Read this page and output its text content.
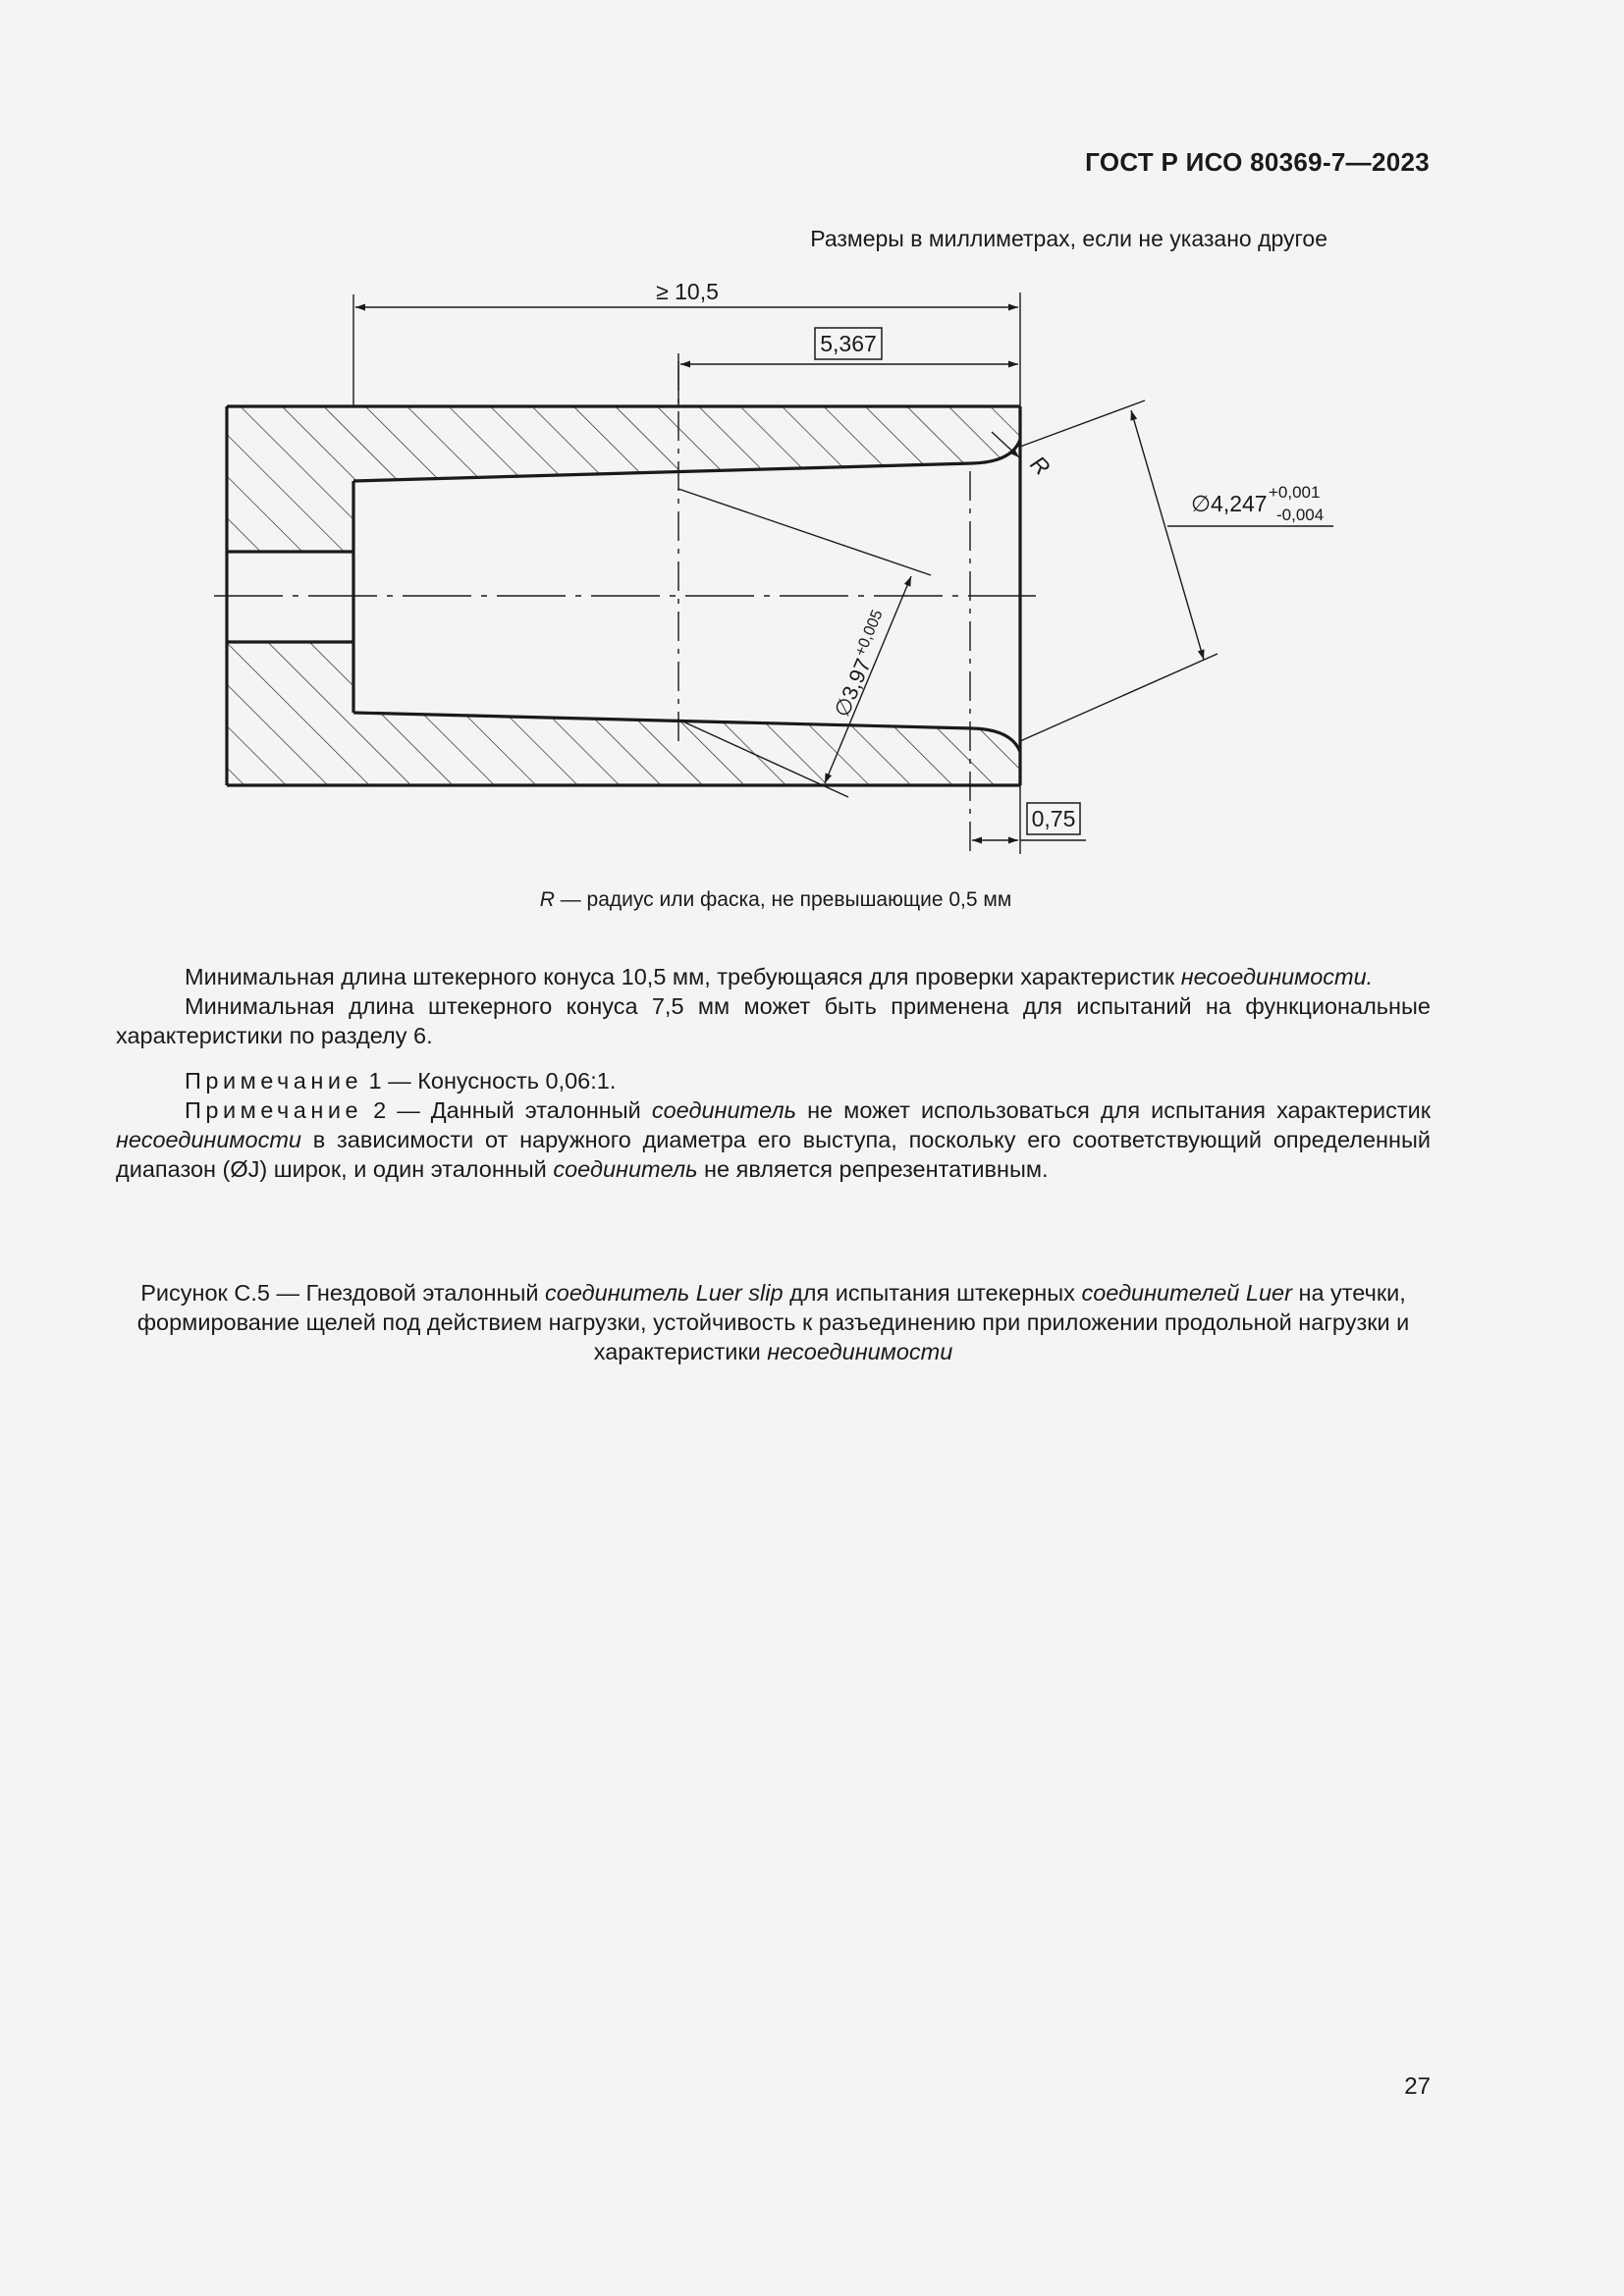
ГОСТ Р ИСО 80369-7—2023
Размеры в миллиметрах, если не указано другое
≥ 10,5
5,367
0,75
∅4,247 +0,001
-0,004
∅3,97
+0,005
R
R — радиус или фаска, не превышающие 0,5 мм

Минимальная длина штекерного конуса 10,5 мм, требующаяся для проверки характеристик несоединимости.

Минимальная длина штекерного конуса 7,5 мм может быть применена для испытаний на функциональные характеристики по разделу 6.

Примечание 1 — Конусность 0,06:1.

Примечание 2 — Данный эталонный соединитель не может использоваться для испытания характеристик несоединимости в зависимости от наружного диаметра его выступа, поскольку его соответствующий определенный диапазон (ØJ) широк, и один эталонный соединитель не является репрезентативным.

Рисунок С.5 — Гнездовой эталонный соединитель Luer slip для испытания штекерных соединителей Luer на утечки, формирование щелей под действием нагрузки, устойчивость к разъединению при приложении продольной нагрузки и характеристики несоединимости
27
